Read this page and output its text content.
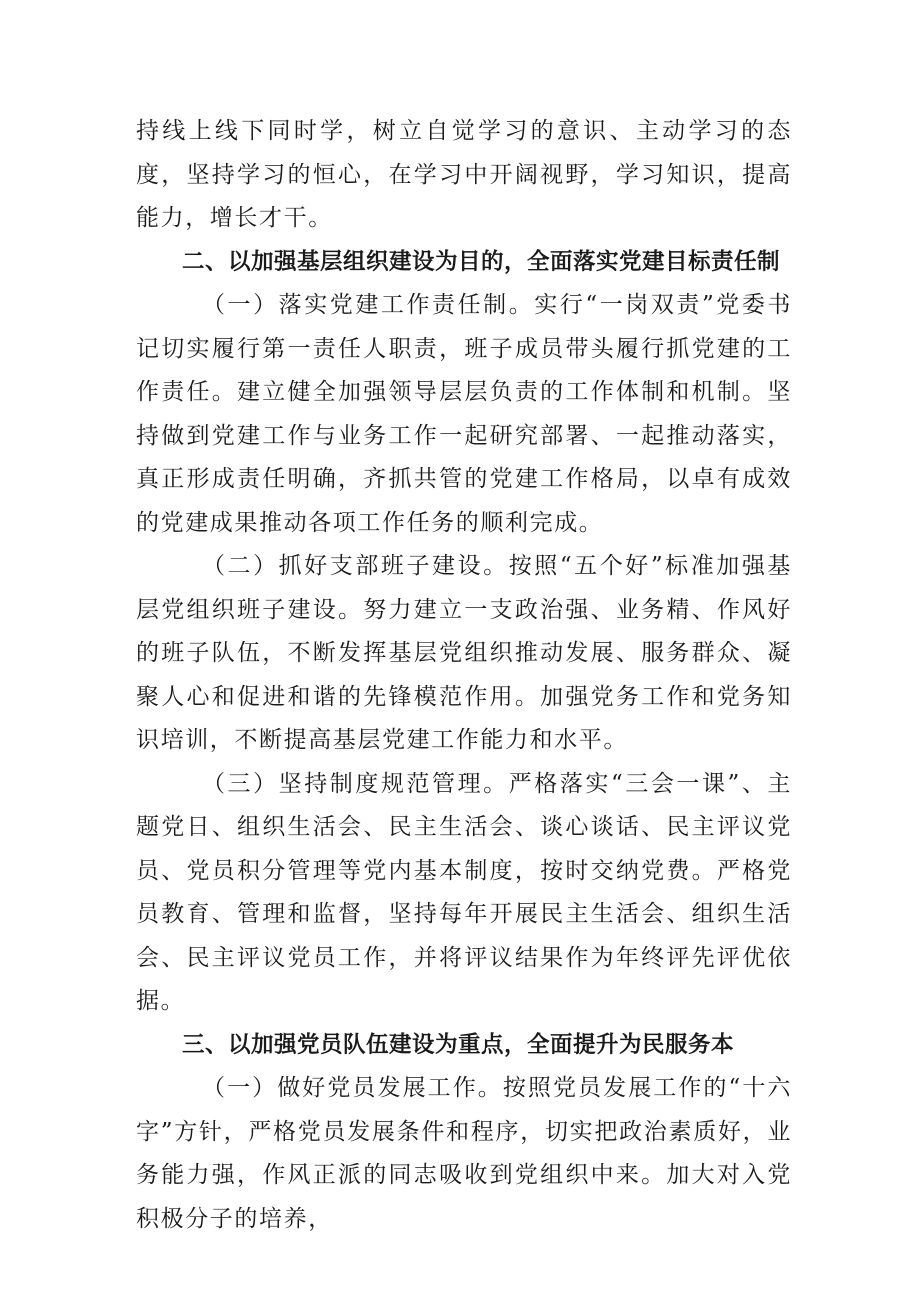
持线上线下同时学，树立自觉学习的意识、主动学习的态度，坚持学习的恒心，在学习中开阔视野，学习知识，提高能力，增长才干。

二、以加强基层组织建设为目的，全面落实党建目标责任制

（一）落实党建工作责任制。实行“一岗双责”党委书记切实履行第一责任人职责，班子成员带头履行抓党建的工作责任。建立健全加强领导层层负责的工作体制和机制。坚持做到党建工作与业务工作一起研究部署、一起推动落实，真正形成责任明确，齐抓共管的党建工作格局，以卓有成效的党建成果推动各项工作任务的顺利完成。

（二）抓好支部班子建设。按照“五个好”标准加强基层党组织班子建设。努力建立一支政治强、业务精、作风好的班子队伍，不断发挥基层党组织推动发展、服务群众、凝聚人心和促进和谐的先锋模范作用。加强党务工作和党务知识培训，不断提高基层党建工作能力和水平。

（三）坚持制度规范管理。严格落实“三会一课”、主题党日、组织生活会、民主生活会、谈心谈话、民主评议党员、党员积分管理等党内基本制度，按时交纳党费。严格党员教育、管理和监督，坚持每年开展民主生活会、组织生活会、民主评议党员工作，并将评议结果作为年终评先评优依据。

三、以加强党员队伍建设为重点，全面提升为民服务本

（一）做好党员发展工作。按照党员发展工作的“十六字”方针，严格党员发展条件和程序，切实把政治素质好，业务能力强，作风正派的同志吸收到党组织中来。加大对入党积极分子的培养，
